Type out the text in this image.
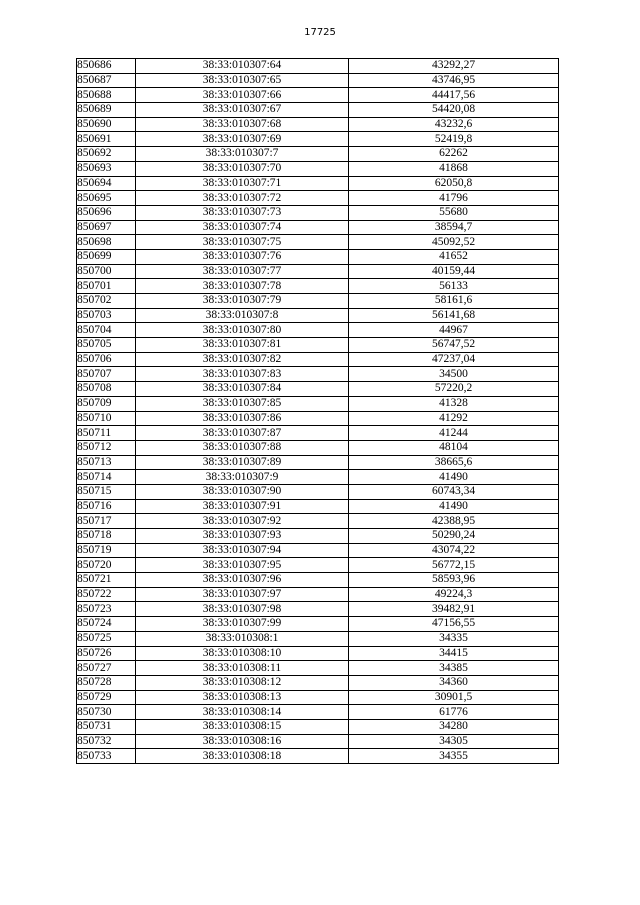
17725
850686	38:33:010307:64	43292,27
850687	38:33:010307:65	43746,95
850688	38:33:010307:66	44417,56
850689	38:33:010307:67	54420,08
850690	38:33:010307:68	43232,6
850691	38:33:010307:69	52419,8
850692	38:33:010307:7	62262
850693	38:33:010307:70	41868
850694	38:33:010307:71	62050,8
850695	38:33:010307:72	41796
850696	38:33:010307:73	55680
850697	38:33:010307:74	38594,7
850698	38:33:010307:75	45092,52
850699	38:33:010307:76	41652
850700	38:33:010307:77	40159,44
850701	38:33:010307:78	56133
850702	38:33:010307:79	58161,6
850703	38:33:010307:8	56141,68
850704	38:33:010307:80	44967
850705	38:33:010307:81	56747,52
850706	38:33:010307:82	47237,04
850707	38:33:010307:83	34500
850708	38:33:010307:84	57220,2
850709	38:33:010307:85	41328
850710	38:33:010307:86	41292
850711	38:33:010307:87	41244
850712	38:33:010307:88	48104
850713	38:33:010307:89	38665,6
850714	38:33:010307:9	41490
850715	38:33:010307:90	60743,34
850716	38:33:010307:91	41490
850717	38:33:010307:92	42388,95
850718	38:33:010307:93	50290,24
850719	38:33:010307:94	43074,22
850720	38:33:010307:95	56772,15
850721	38:33:010307:96	58593,96
850722	38:33:010307:97	49224,3
850723	38:33:010307:98	39482,91
850724	38:33:010307:99	47156,55
850725	38:33:010308:1	34335
850726	38:33:010308:10	34415
850727	38:33:010308:11	34385
850728	38:33:010308:12	34360
850729	38:33:010308:13	30901,5
850730	38:33:010308:14	61776
850731	38:33:010308:15	34280
850732	38:33:010308:16	34305
850733	38:33:010308:18	34355
